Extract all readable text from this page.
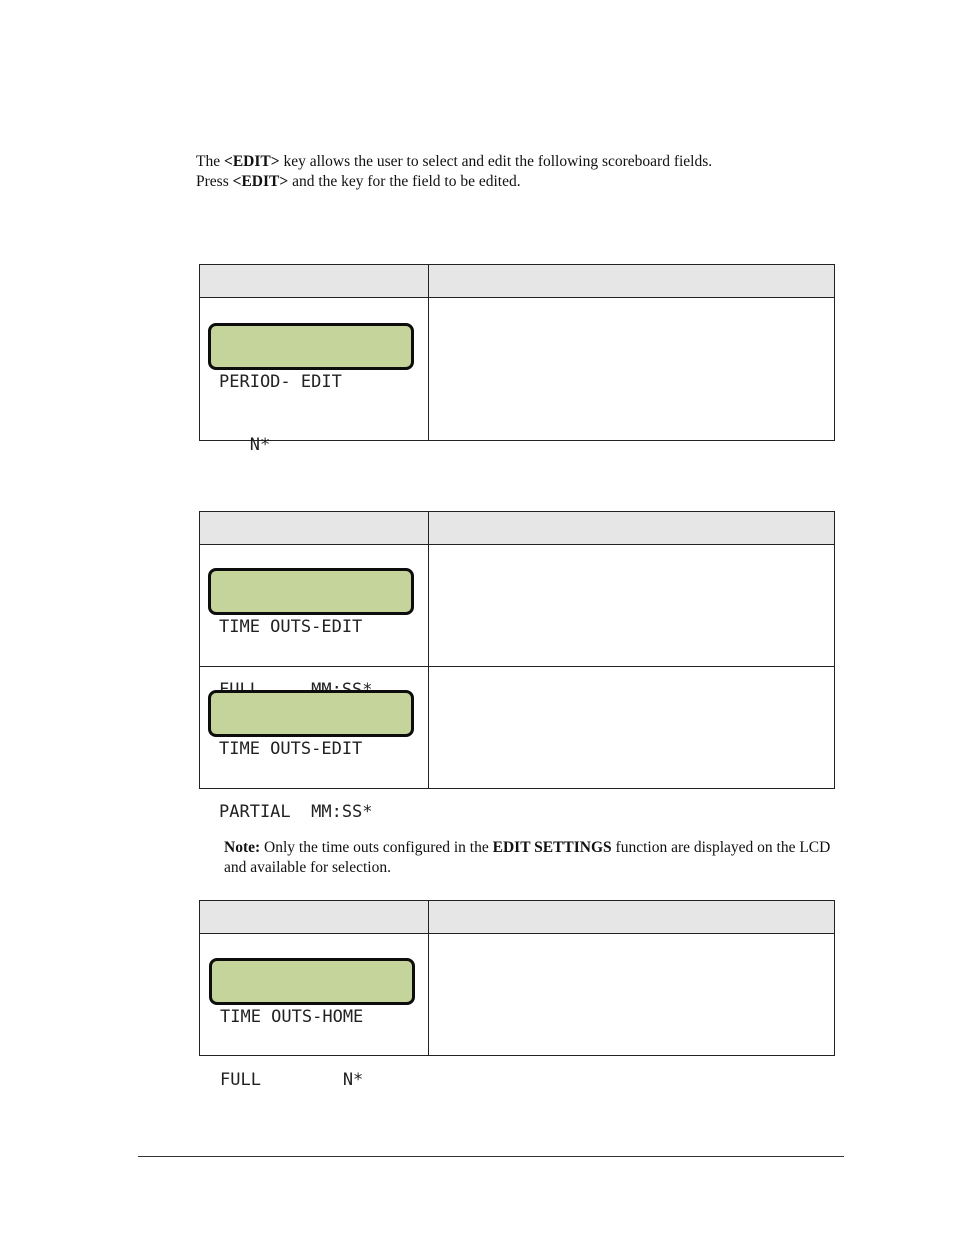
The <EDIT> key allows the user to select and edit the following scoreboard fields.

Press <EDIT> and the key for the field to be edited.

PERIOD- EDIT

N*	

TIME OUTS-EDIT	

TIME OUTS-EDIT

PARTIAL  MM:SS*	

Note: Only the time outs configured in the EDIT SETTINGS function are displayed on the LCD and available for selection.

TIME OUTS-HOME

FULL        N*	
